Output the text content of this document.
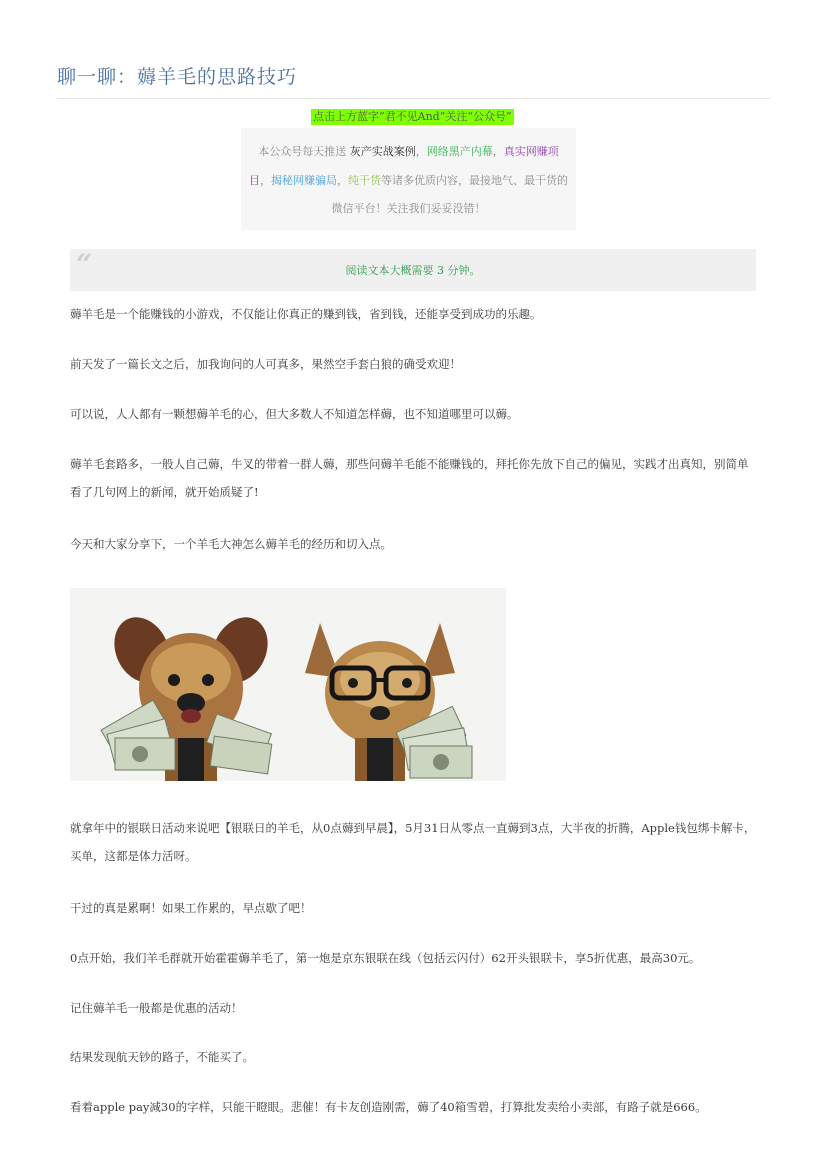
聊一聊：薅羊毛的思路技巧
点击上方蓝字“君不见And”关注“公众号”
本公众号每天推送 灰产实战案例，网络黑产内幕，真实网赚项目，揭秘网赚骗局，纯干货等诸多优质内容，最接地气、最干货的微信平台！关注我们妥妥没错！
“	阅读文本大概需要 3 分钟。

薅羊毛是一个能赚钱的小游戏，不仅能让你真正的赚到钱，省到钱，还能享受到成功的乐趣。

前天发了一篇长文之后，加我询问的人可真多，果然空手套白狼的确受欢迎！

可以说，人人都有一颗想薅羊毛的心，但大多数人不知道怎样薅，也不知道哪里可以薅。

薅羊毛套路多，一般人自己薅，牛叉的带着一群人薅，那些问薅羊毛能不能赚钱的，拜托你先放下自己的偏见，实践才出真知，别简单看了几句网上的新闻，就开始质疑了!

今天和大家分享下，一个羊毛大神怎么薅羊毛的经历和切入点。

就拿年中的银联日活动来说吧【银联日的羊毛，从0点薅到早晨】，5月31日从零点一直薅到3点，大半夜的折腾，Apple钱包绑卡解卡，买单，这都是体力活呀。

干过的真是累啊！如果工作累的，早点歇了吧！

0点开始，我们羊毛群就开始霍霍薅羊毛了，第一炮是京东银联在线（包括云闪付）62开头银联卡，享5折优惠，最高30元。

记住薅羊毛一般都是优惠的活动！

结果发现航天钞的路子，不能买了。

看着apple pay减30的字样，只能干瞪眼。悲催！有卡友创造刚需，薅了40箱雪碧，打算批发卖给小卖部，有路子就是666。
